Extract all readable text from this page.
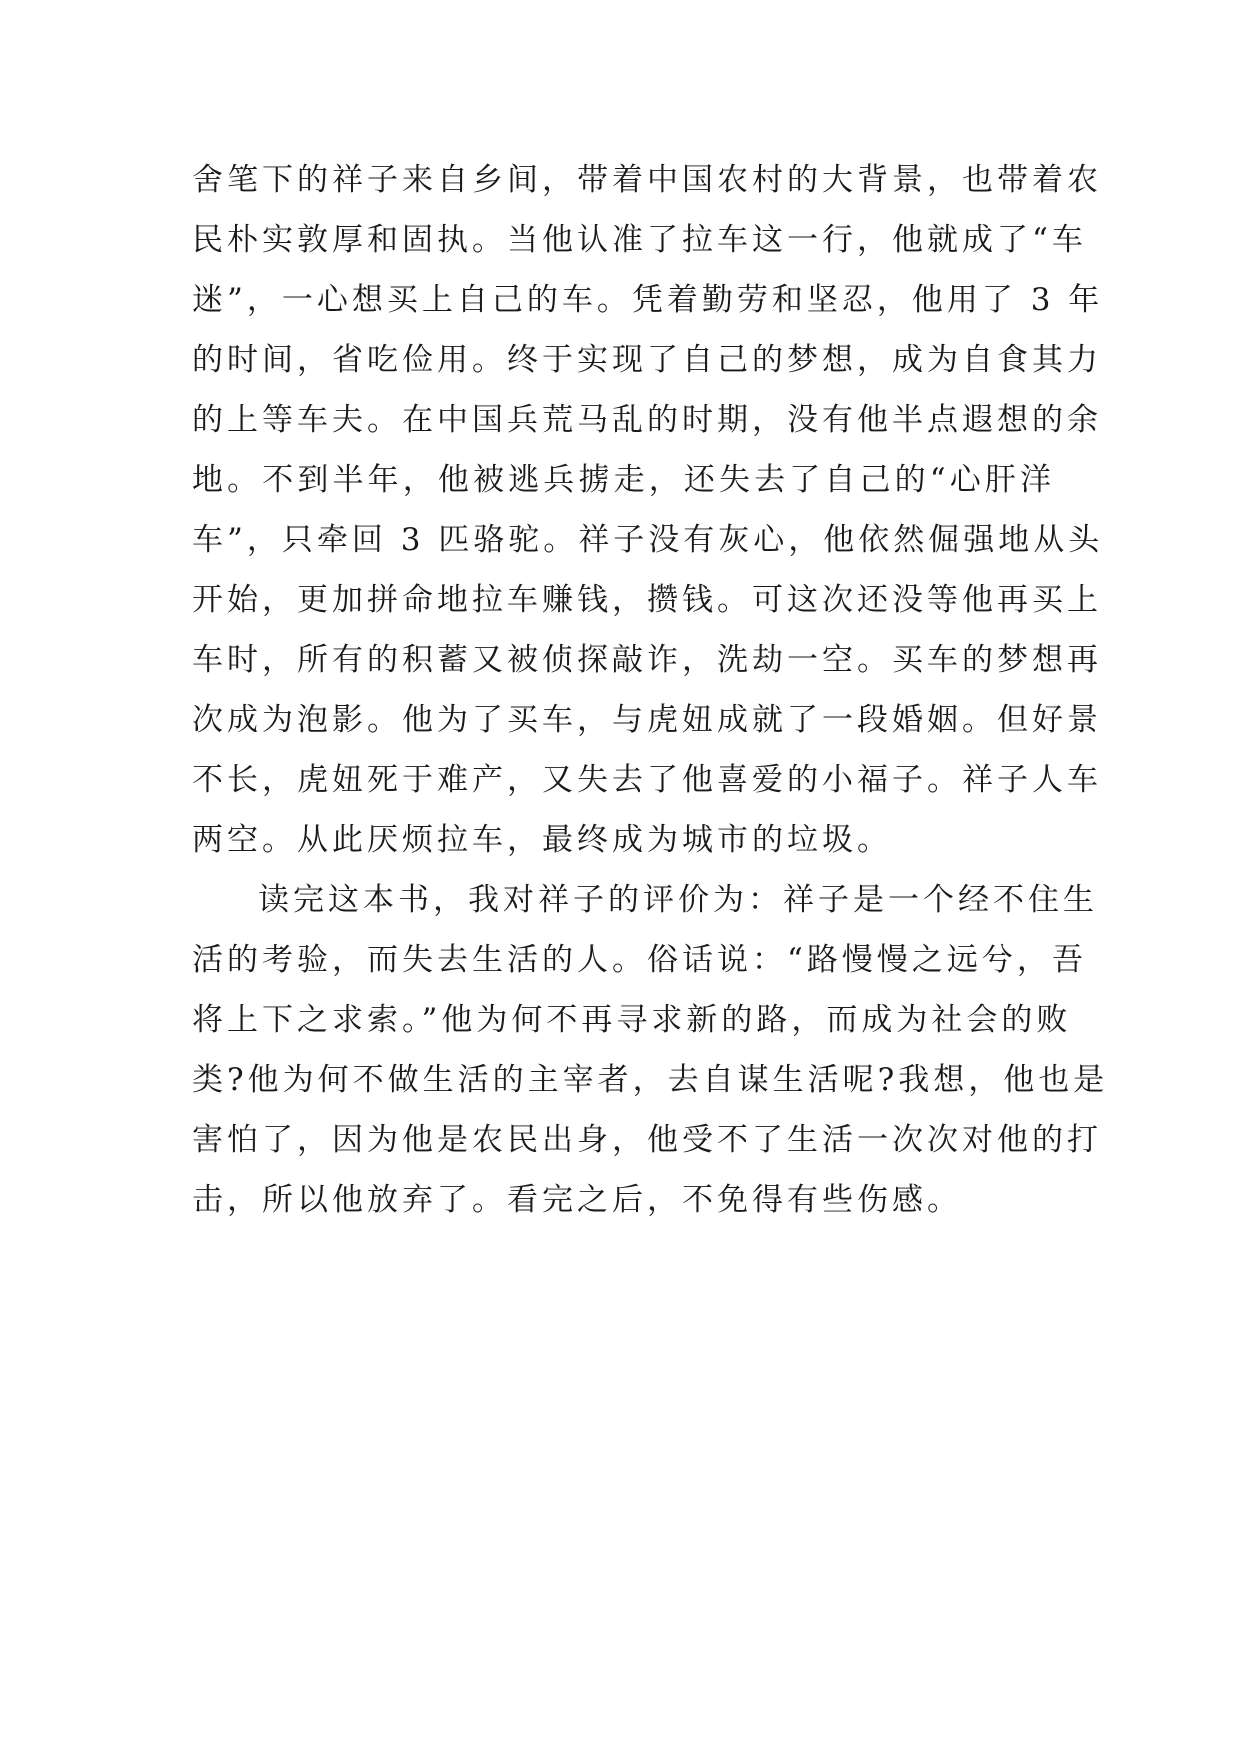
舍笔下的祥子来自乡间，带着中国农村的大背景，也带着农
民朴实敦厚和固执。当他认准了拉车这一行，他就成了“车
迷”，一心想买上自己的车。凭着勤劳和坚忍，他用了 3 年
的时间，省吃俭用。终于实现了自己的梦想，成为自食其力
的上等车夫。在中国兵荒马乱的时期，没有他半点遐想的余
地。不到半年，他被逃兵掳走，还失去了自己的“心肝洋
车”，只牵回 3 匹骆驼。祥子没有灰心，他依然倔强地从头
开始，更加拼命地拉车赚钱，攒钱。可这次还没等他再买上
车时，所有的积蓄又被侦探敲诈，洗劫一空。买车的梦想再
次成为泡影。他为了买车，与虎妞成就了一段婚姻。但好景
不长，虎妞死于难产，又失去了他喜爱的小福子。祥子人车
两空。从此厌烦拉车，最终成为城市的垃圾。
读完这本书，我对祥子的评价为：祥子是一个经不住生
活的考验，而失去生活的人。俗话说：“路慢慢之远兮，吾
将上下之求索。”他为何不再寻求新的路，而成为社会的败
类?他为何不做生活的主宰者，去自谋生活呢?我想，他也是
害怕了，因为他是农民出身，他受不了生活一次次对他的打
击，所以他放弃了。看完之后，不免得有些伤感。
